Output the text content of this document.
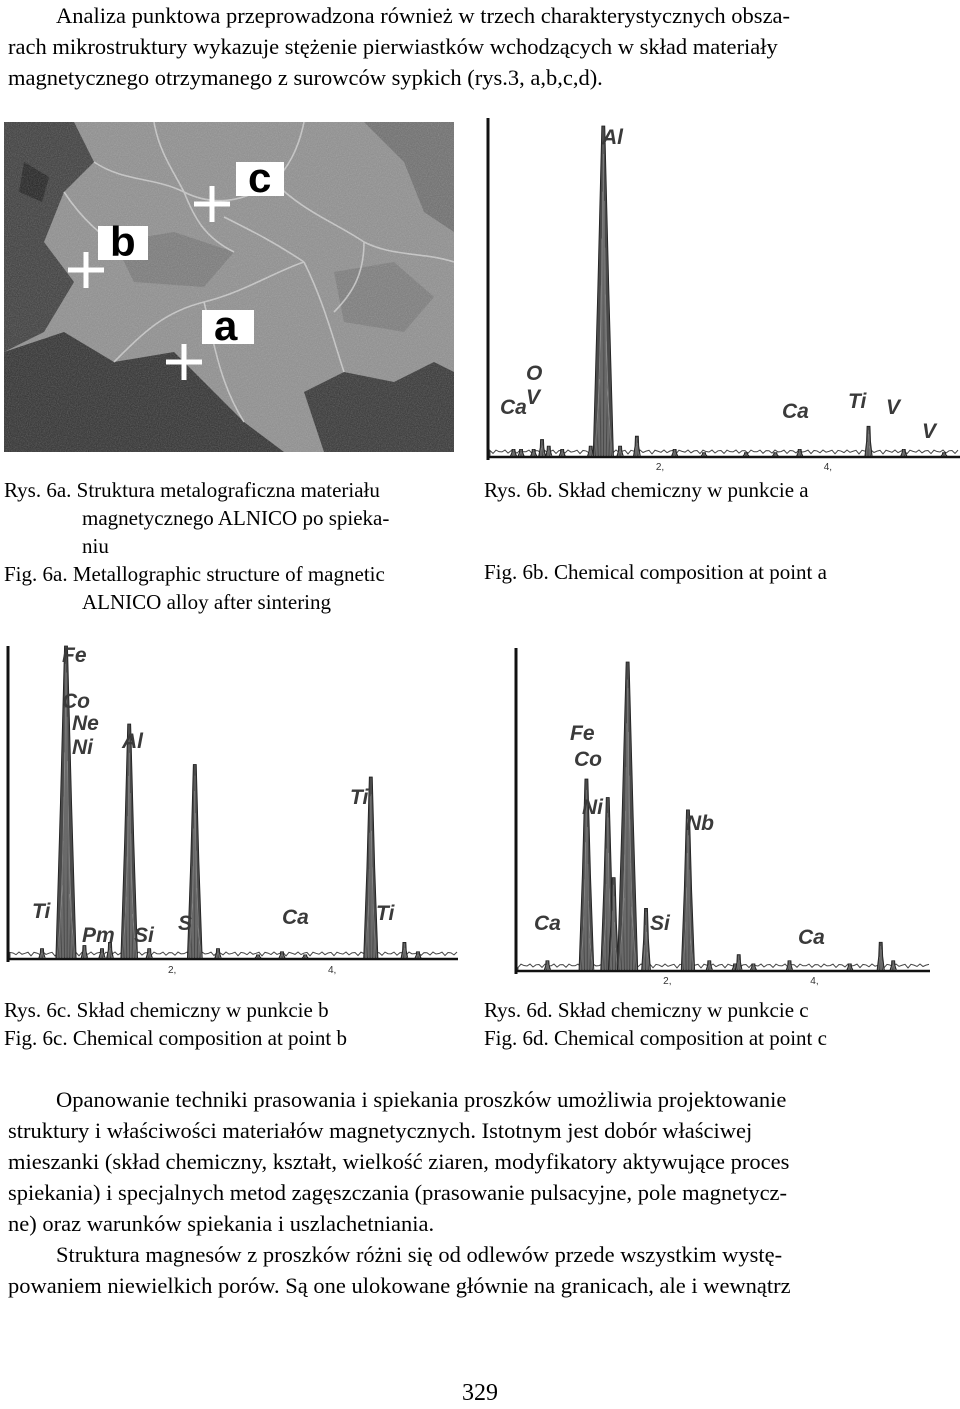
Analiza punktowa przeprowadzona również w trzech charakterystycznych obsza-
rach mikrostruktury wykazuje stężenie pierwiastków wchodzących w skład materiały
magnetycznego otrzymanego z surowców sypkich (rys.3, a,b,c,d).
c
b
a
Rys. 6a. Struktura metalograficzna materiału
magnetycznego ALNICO po spieka-
niu
Fig. 6a. Metallographic structure of magnetic
ALNICO alloy after sintering
2,	4,
Ca
O
V
Al
Ca Ti V
V
Rys. 6b. Skład chemiczny w punkcie a
Fig. 6b. Chemical composition at point a
2,	4,
Fe
Co
Ne
Ni Al
Ti
Ti
Pm Si
S	Ca	Ti
Rys. 6c. Skład chemiczny w punkcie b
Fig. 6c. Chemical composition at point b
2,	4,
Fe
Co
Ni
Nb
Ca	Si
Ca
Rys. 6d. Skład chemiczny w punkcie c
Fig. 6d. Chemical composition at point c
Opanowanie techniki prasowania i spiekania proszków umożliwia projektowanie
struktury i właściwości materiałów magnetycznych. Istotnym jest dobór właściwej
mieszanki (skład chemiczny, kształt, wielkość ziaren, modyfikatory aktywujące proces
spiekania) i specjalnych metod zagęszczania (prasowanie pulsacyjne, pole magnetycz-
ne) oraz warunków spiekania i uszlachetniania.
Struktura magnesów z proszków różni się od odlewów przede wszystkim wystę-
powaniem niewielkich porów. Są one ulokowane głównie na granicach, ale i wewnątrz
329
